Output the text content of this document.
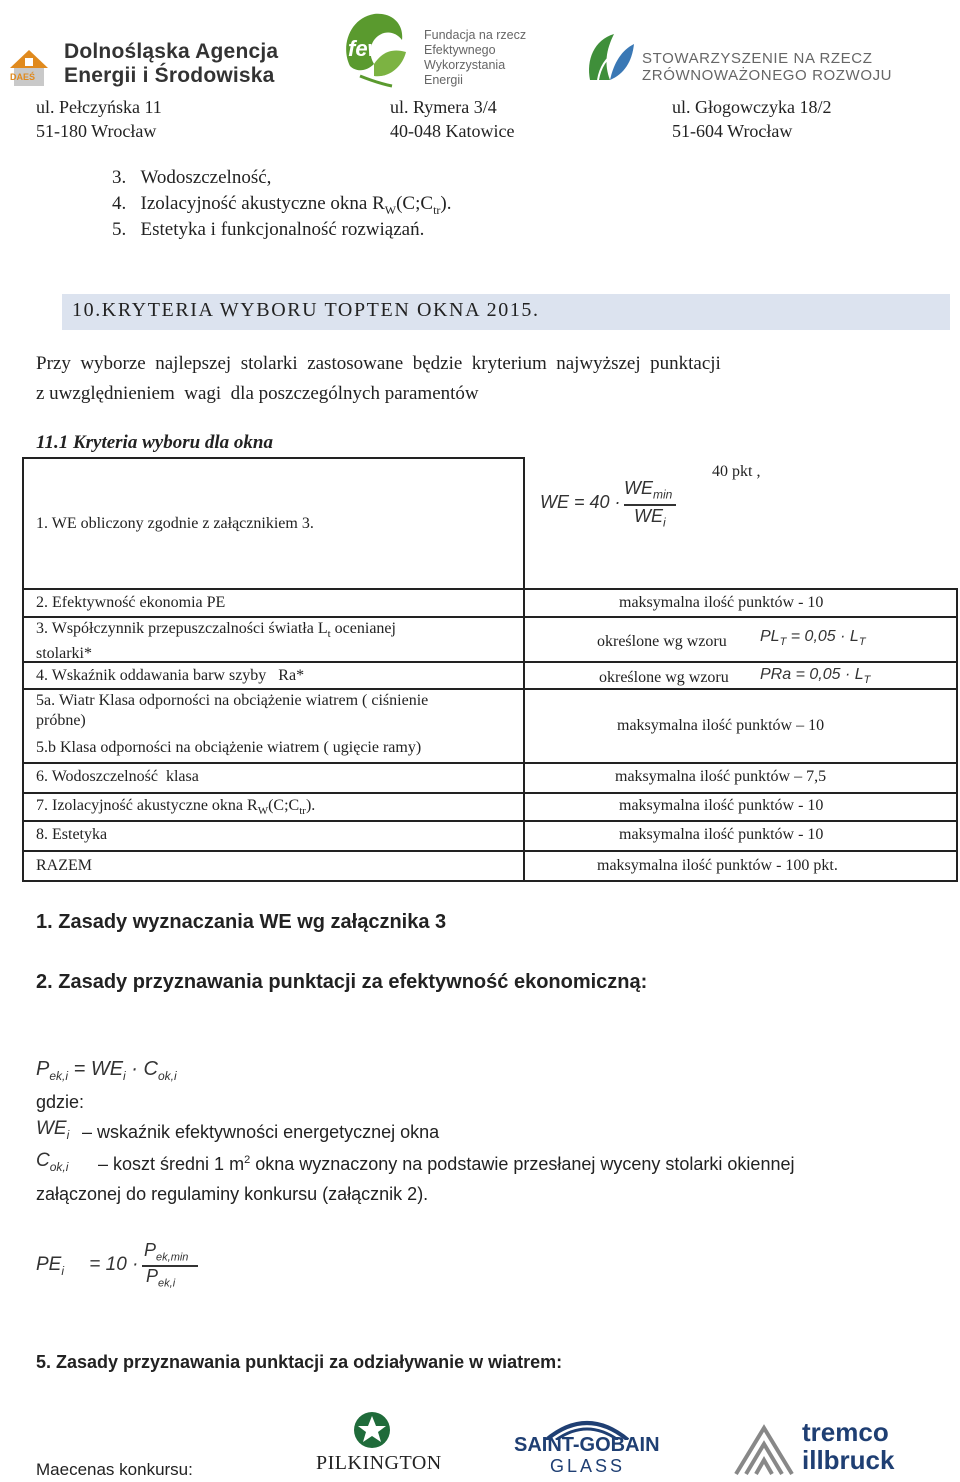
DAEŚ
Dolnośląska Agencja
Energii i Środowiska
few
Fundacja na rzecz
Efektywnego
Wykorzystania
Energii
STOWARZYSZENIE NA RZECZ
ZRÓWNOWAŻONEGO ROZWOJU
ul. Pełczyńska 11
51-180 Wrocław
ul. Rymera 3/4
40-048 Katowice
ul. Głogowczyka 18/2
51-604 Wrocław
3. Wodoszczelność,
4. Izolacyjność akustyczne okna $R_W(C;C_{tr})$.
5. Estetyka i funkcjonalność rozwiązań.
10.KRYTERIA WYBORU TOPTEN OKNA 2015.
Przy  wyborze  najlepszej  stolarki  zastosowane  będzie  kryterium  najwyższej  punktacji
z uwzględnieniem  wagi  dla poszczególnych paramentów
11.1 Kryteria wyboru dla okna
1. WE obliczony zgodnie z załącznikiem 3.
40 pkt ,
WE = 40 ·
$WE_{min}$
$WE_i$
2. Efektywność ekonomia PE	maksymalna ilość punktów - 10
3. Współczynnik przepuszczalności światła $L_t$ ocenianej
stolarki*
określone wg wzoru $PL_T = 0,05 \cdot L_T$
4. Wskaźnik oddawania barw szyby   Ra*	określone wg wzoru PRa = $0,05 \cdot L_T$
5a. Wiatr Klasa odporności na obciążenie wiatrem ( ciśnienie
próbne)
5.b Klasa odporności na obciążenie wiatrem ( ugięcie ramy)
maksymalna ilość punktów – 10
6. Wodoszczelność  klasa	maksymalna ilość punktów – 7,5
7. Izolacyjność akustyczne okna $R_W(C;C_{tr})$.	maksymalna ilość punktów - 10
8. Estetyka	maksymalna ilość punktów - 10
RAZEM	maksymalna ilość punktów - 100 pkt.
1. Zasady wyznaczania WE wg załącznika 3
2. Zasady przyznawania punktacji za efektywność ekonomiczną:
$P_{ek,i} = WE_i \cdot C_{ok,i}$
gdzie:
$WE_i$ – wskaźnik efektywności energetycznej okna
$C_{ok,i}$ – koszt średni 1 $m^2$ okna wyznaczony na podstawie przesłanej wyceny stolarki okiennej
załączonej do regulaminy konkursu (załącznik 2).
$PE_i = 10$ ·
$P_{ek,min}$
$P_{ek,i}$
5. Zasady przyznawania punktacji za odziaływanie w wiatrem:
Maecenas konkursu:	PILKINGTON
SAINT-GOBAIN
GLASS
tremco
illbruck
